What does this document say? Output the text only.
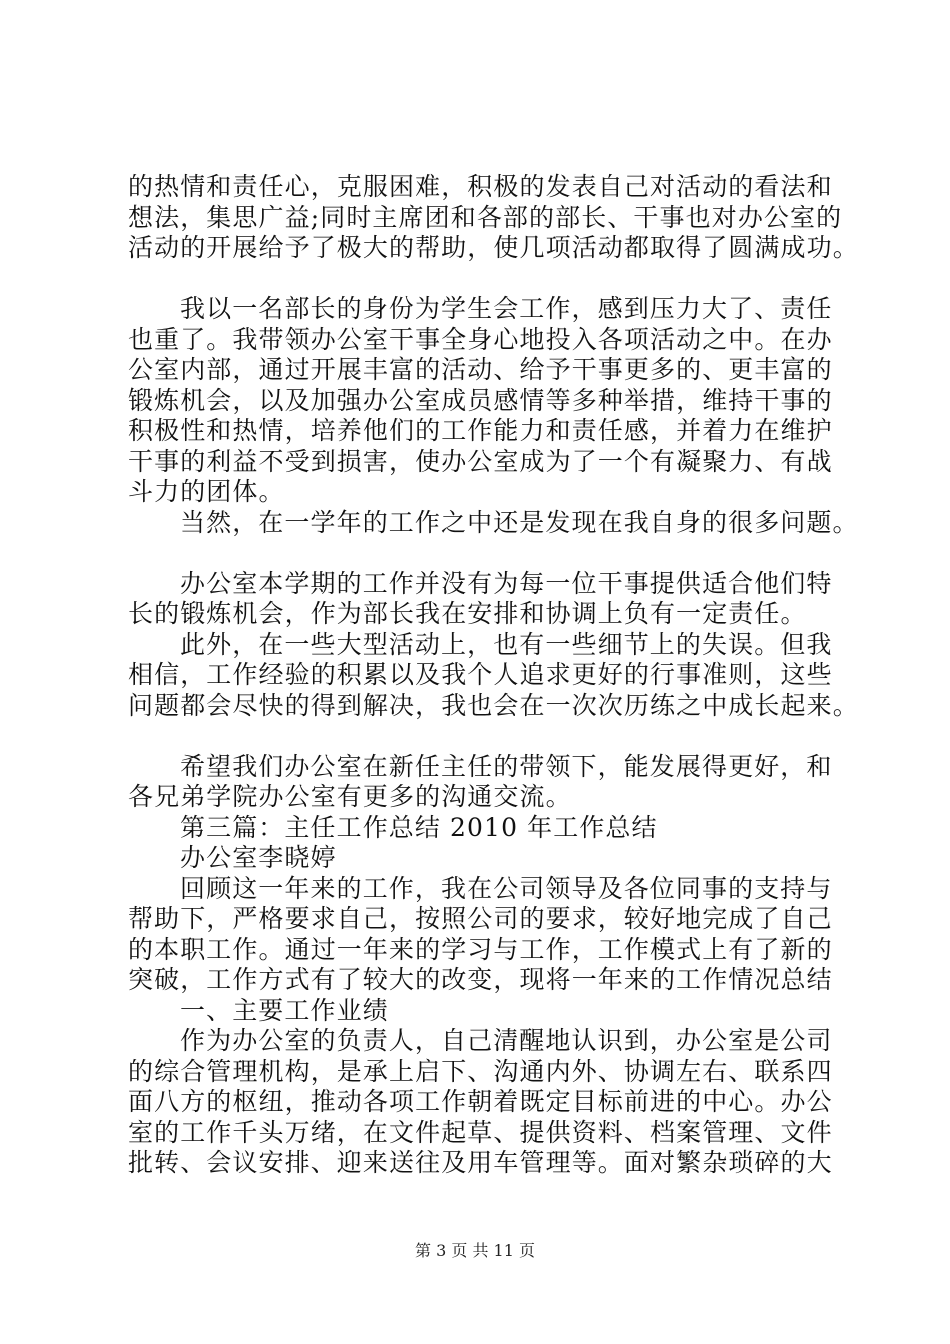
的热情和责任心，克服困难，积极的发表自己对活动的看法和
想法，集思广益;同时主席团和各部的部长、干事也对办公室的
活动的开展给予了极大的帮助，使几项活动都取得了圆满成功。
我以一名部长的身份为学生会工作，感到压力大了、责任
也重了。我带领办公室干事全身心地投入各项活动之中。在办
公室内部，通过开展丰富的活动、给予干事更多的、更丰富的
锻炼机会，以及加强办公室成员感情等多种举措，维持干事的
积极性和热情，培养他们的工作能力和责任感，并着力在维护
干事的利益不受到损害，使办公室成为了一个有凝聚力、有战
斗力的团体。
当然，在一学年的工作之中还是发现在我自身的很多问题。
办公室本学期的工作并没有为每一位干事提供适合他们特
长的锻炼机会，作为部长我在安排和协调上负有一定责任。
此外，在一些大型活动上，也有一些细节上的失误。但我
相信，工作经验的积累以及我个人追求更好的行事准则，这些
问题都会尽快的得到解决，我也会在一次次历练之中成长起来。
希望我们办公室在新任主任的带领下，能发展得更好，和
各兄弟学院办公室有更多的沟通交流。
第三篇：主任工作总结 2010 年工作总结
办公室李晓婷
回顾这一年来的工作，我在公司领导及各位同事的支持与
帮助下，严格要求自己，按照公司的要求，较好地完成了自己
的本职工作。通过一年来的学习与工作，工作模式上有了新的
突破，工作方式有了较大的改变，现将一年来的工作情况总结
一、主要工作业绩
作为办公室的负责人，自己清醒地认识到，办公室是公司
的综合管理机构，是承上启下、沟通内外、协调左右、联系四
面八方的枢纽，推动各项工作朝着既定目标前进的中心。办公
室的工作千头万绪，在文件起草、提供资料、档案管理、文件
批转、会议安排、迎来送往及用车管理等。面对繁杂琐碎的大
第 3 页 共 11 页
